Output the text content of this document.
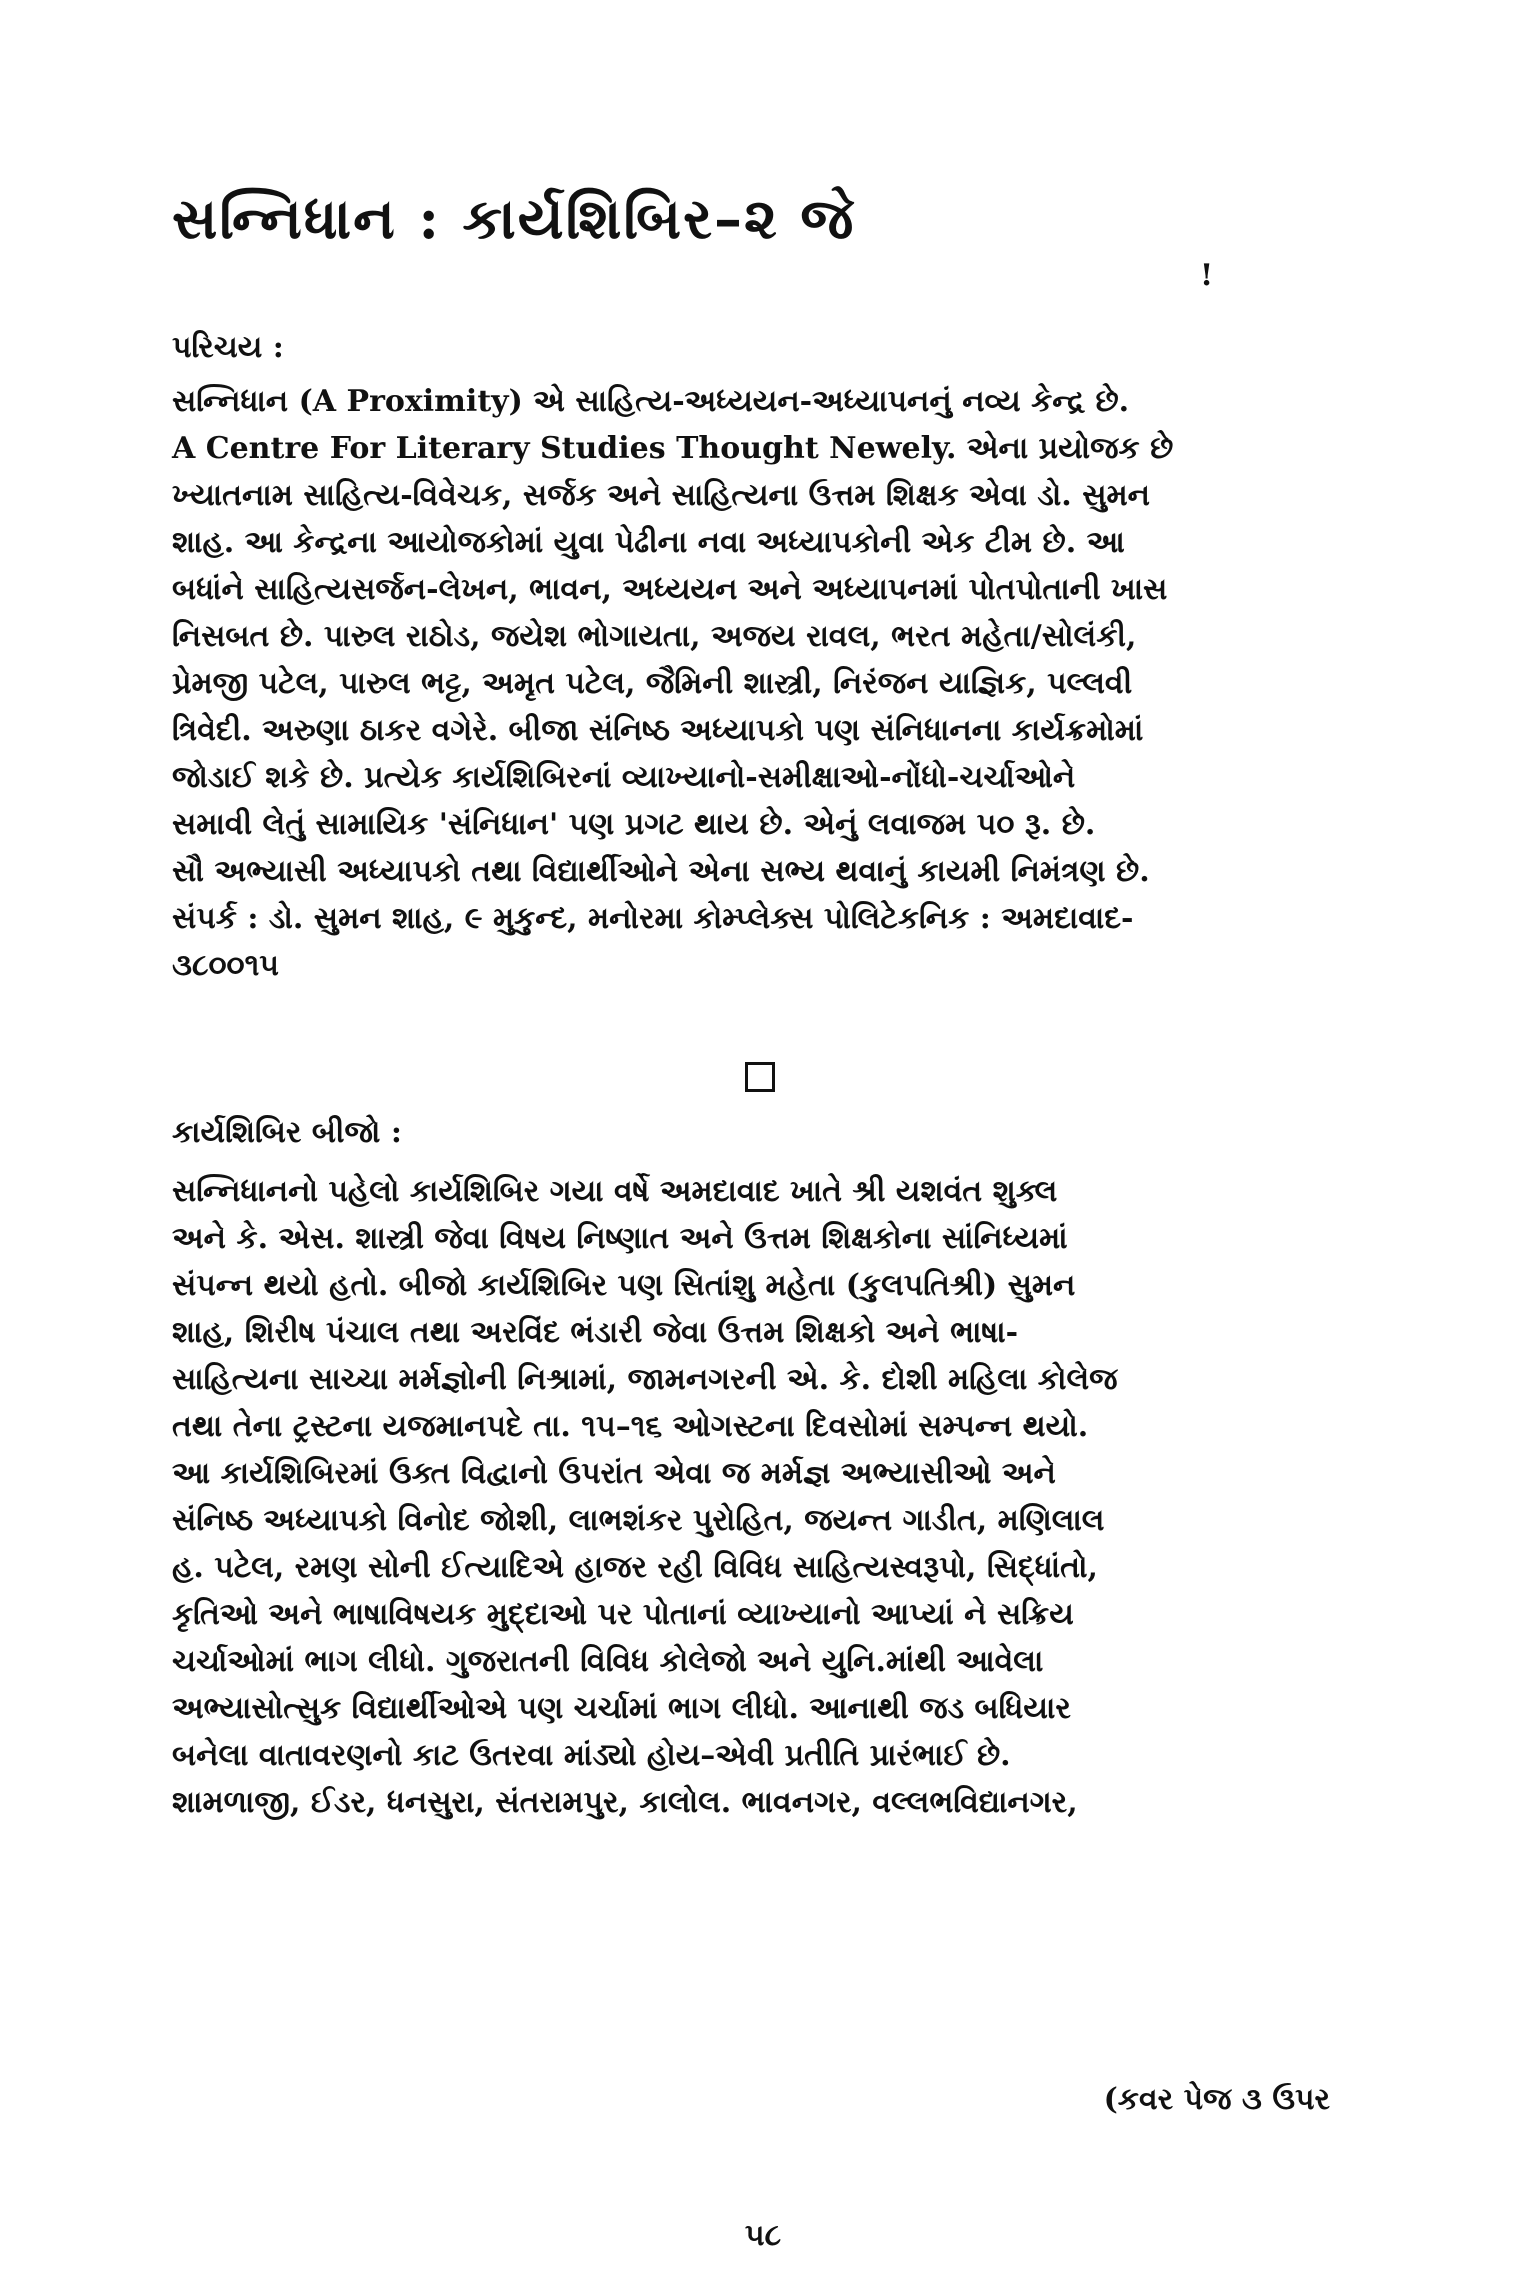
સન્નિધાન : કાર્યશિબિર–૨ જે
!
પરિચય :
સન્નિધાન (A Proximity) એ સાહિત્ય-અધ્યયન-અધ્યાપનનું નવ્ય કેન્દ્ર છે.
A Centre For Literary Studies Thought Newely. એના પ્રયોજક છે
ખ્યાતનામ સાહિત્ય-વિવેચક, સર્જક અને સાહિત્યના ઉત્તમ શિક્ષક એવા ડો. સુમન
શાહ. આ કેન્દ્રના આયોજકોમાં યુવા પેઢીના નવા અધ્યાપકોની એક ટીમ છે. આ
બધાંને સાહિત્યસર્જન-લેખન, ભાવન, અધ્યયન અને અધ્યાપનમાં પોતપોતાની ખાસ
નિસબત છે. પારુલ રાઠોડ, જયેશ ભોગાયતા, અજય રાવલ, ભરત મહેતા/સોલંકી,
પ્રેમજી પટેલ, પારુલ ભટ્ટ, અમૃત પટેલ, જૈમિની શાસ્ત્રી, નિરંજન યાજ્ઞિક, પલ્લવી
ત્રિવેદી. અરુણા ઠાકર વગેરે. બીજા સંનિષ્ઠ અધ્યાપકો પણ સંનિધાનના કાર્યક્રમોમાં
જોડાઈ શકે છે. પ્રત્યેક કાર્યશિબિરનાં વ્યાખ્યાનો-સમીક્ષાઓ-નોંધો-ચર્ચાઓને
સમાવી લેતું સામાયિક 'સંનિધાન' પણ પ્રગટ થાય છે. એનું લવાજમ ૫૦ રૂ. છે.
સૌ અભ્યાસી અધ્યાપકો તથા વિદ્યાર્થીઓને એના સભ્ય થવાનું કાયમી નિમંત્રણ છે.
સંપર્ક : ડો. સુમન શાહ, ૯ મુકુન્દ, મનોરમા કોમ્પ્લેક્સ પોલિટેકનિક : અમદાવાદ-
૩૮૦૦૧૫
કાર્યશિબિર બીજો :
સન્નિધાનનો પહેલો કાર્યશિબિર ગયા વર્ષે અમદાવાદ ખાતે શ્રી યશવંત શુક્લ
અને કે. એસ. શાસ્ત્રી જેવા વિષય નિષ્ણાત અને ઉત્તમ શિક્ષકોના સાંનિધ્યમાં
સંપન્ન થયો હતો. બીજો કાર્યશિબિર પણ સિતાંશુ મહેતા (કુલપતિશ્રી) સુમન
શાહ, શિરીષ પંચાલ તથા અરવિંદ ભંડારી જેવા ઉત્તમ શિક્ષકો અને ભાષા-
સાહિત્યના સાચ્ચા મર્મજ્ઞોની નિશ્રામાં, જામનગરની એ. કે. દોશી મહિલા કોલેજ
તથા તેના ટ્રસ્ટના યજમાનપદે તા. ૧૫–૧૬ ઓગસ્ટના દિવસોમાં સમ્પન્ન થયો.
આ કાર્યશિબિરમાં ઉક્ત વિદ્વાનો ઉપરાંત એવા જ મર્મજ્ઞ અભ્યાસીઓ અને
સંનિષ્ઠ અધ્યાપકો વિનોદ જોશી, લાભશંકર પુરોહિત, જયન્ત ગાડીત, મણિલાલ
હ. પટેલ, રમણ સોની ઈત્યાદિએ હાજર રહી વિવિધ સાહિત્યસ્વરૂપો, સિદ્ધાંતો,
કૃતિઓ અને ભાષાવિષયક મુદ્દાઓ પર પોતાનાં વ્યાખ્યાનો આપ્યાં ને સક્રિય
ચર્ચાઓમાં ભાગ લીધો. ગુજરાતની વિવિધ કોલેજો અને યુનિ.માંથી આવેલા
અભ્યાસોત્સુક વિદ્યાર્થીઓએ પણ ચર્ચામાં ભાગ લીધો. આનાથી જડ બધિયાર
બનેલા વાતાવરણનો કાટ ઉતરવા માંડ્યો હોય–એવી પ્રતીતિ પ્રારંભાઈ છે.
શામળાજી, ઈડર, ધનસુરા, સંતરામપુર, કાલોલ. ભાવનગર, વલ્લભવિદ્યાનગર,
(કવર પેજ ૩ ઉપર
૫૮
